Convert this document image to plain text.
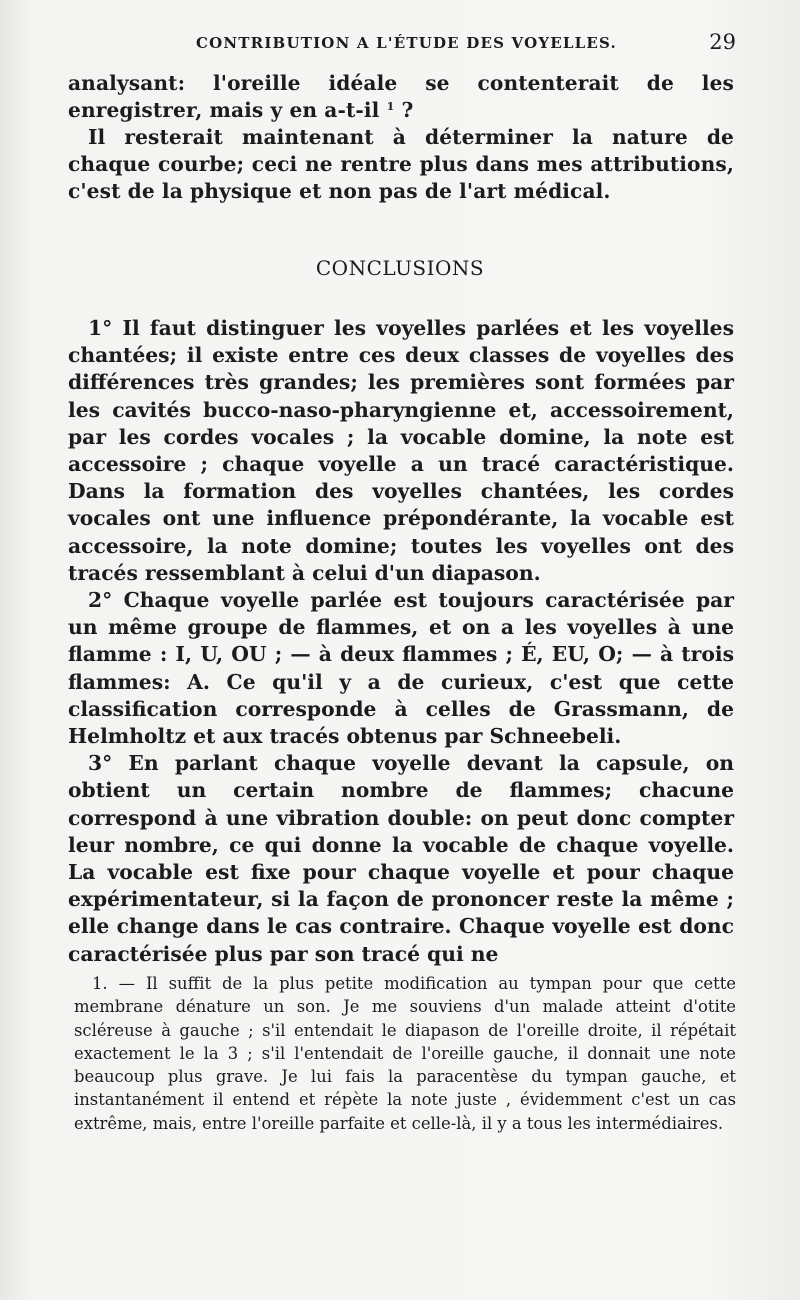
CONTRIBUTION A L'ÉTUDE DES VOYELLES.	29

analysant: l'oreille idéale se contenterait de les enregistrer, mais y en a-t-il $^1$ ?

Il resterait maintenant à déterminer la nature de chaque courbe; ceci ne rentre plus dans mes attributions, c'est de la physique et non pas de l'art médical.

CONCLUSIONS

1° Il faut distinguer les voyelles parlées et les voyelles chantées; il existe entre ces deux classes de voyelles des différences très grandes; les premières sont formées par les cavités bucco-naso-pharyngienne et, accessoirement, par les cordes vocales ; la vocable domine, la note est accessoire ; chaque voyelle a un tracé caractéristique. Dans la formation des voyelles chantées, les cordes vocales ont une influence prépondérante, la vocable est accessoire, la note domine; toutes les voyelles ont des tracés ressemblant à celui d'un diapason.

2° Chaque voyelle parlée est toujours caractérisée par un même groupe de flammes, et on a les voyelles à une flamme : I, U, OU ; — à deux flammes ; É, EU, O; — à trois flammes: A. Ce qu'il y a de curieux, c'est que cette classification corresponde à celles de Grassmann, de Helmholtz et aux tracés obtenus par Schneebeli.

3° En parlant chaque voyelle devant la capsule, on obtient un certain nombre de flammes; chacune correspond à une vibration double: on peut donc compter leur nombre, ce qui donne la vocable de chaque voyelle. La vocable est fixe pour chaque voyelle et pour chaque expérimentateur, si la façon de prononcer reste la même ; elle change dans le cas contraire. Chaque voyelle est donc caractérisée plus par son tracé qui ne

1. — Il suffit de la plus petite modification au tympan pour que cette membrane dénature un son. Je me souviens d'un malade atteint d'otite scléreuse à gauche ; s'il entendait le diapason de l'oreille droite, il répétait exactement le la 3 ; s'il l'entendait de l'oreille gauche, il donnait une note beaucoup plus grave. Je lui fais la paracentèse du tympan gauche, et instantanément il entend et répète la note juste , évidemment c'est un cas extrême, mais, entre l'oreille parfaite et celle-là, il y a tous les intermédiaires.
